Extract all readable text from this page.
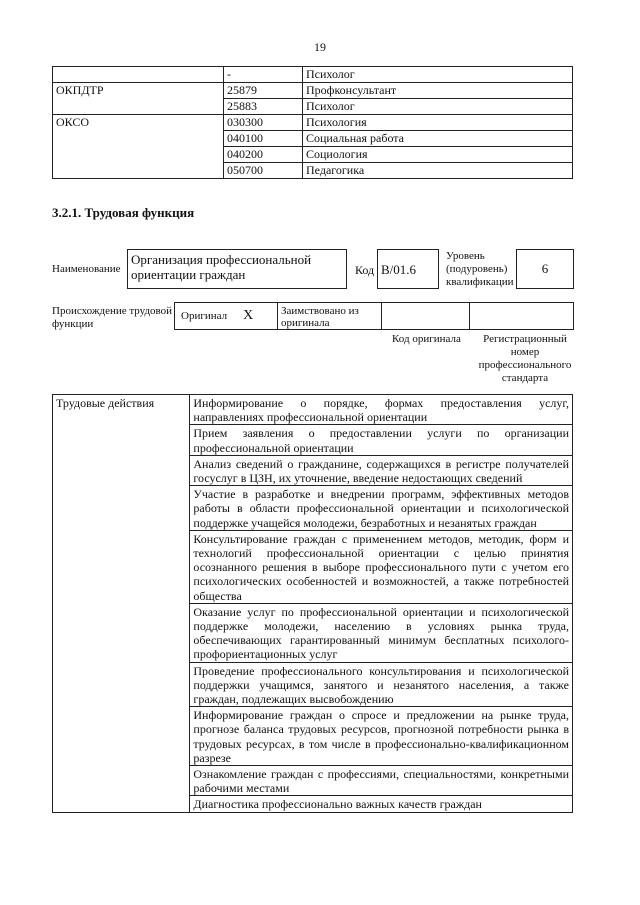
19
	-	Психолог
ОКПДТР	25879	Профконсультант
	25883	Психолог
ОКСО	030300	Психология
	040100	Социальная работа
	040200	Социология
	050700	Педагогика
3.2.1. Трудовая функция
Наименование
Организация профессиональной ориентации граждан	Код B/01.6
Уровень (подуровень) квалификации
6
Происхождение трудовой функции
Оригинал X	Заимствовано из оригинала
Код оригинала	Регистрационный номер профессионального стандарта
Трудовые действия	Информирование о порядке, формах предоставления услуг, направлениях профессиональной ориентации
Прием заявления о предоставлении услуги по организации профессиональной ориентации
Анализ сведений о гражданине, содержащихся в регистре получателей госуслуг в ЦЗН, их уточнение, введение недостающих сведений
Участие в разработке и внедрении программ, эффективных методов работы в области профессиональной ориентации и психологической поддержке учащейся молодежи, безработных и незанятых граждан
Консультирование граждан с применением методов, методик, форм и технологий профессиональной ориентации с целью принятия осознанного решения в выборе профессионального пути с учетом его психологических особенностей и возможностей, а также потребностей общества
Оказание услуг по профессиональной ориентации и психологической поддержке молодежи, населению в условиях рынка труда, обеспечивающих гарантированный минимум бесплатных психолого-профориентационных услуг
Проведение профессионального консультирования и психологической поддержки учащимся, занятого и незанятого населения, а также граждан, подлежащих высвобождению
Информирование граждан о спросе и предложении на рынке труда, прогнозе баланса трудовых ресурсов, прогнозной потребности рынка в трудовых ресурсах, в том числе в профессионально-квалификационном разрезе
Ознакомление граждан с профессиями, специальностями, конкретными рабочими местами
Диагностика профессионально важных качеств граждан
